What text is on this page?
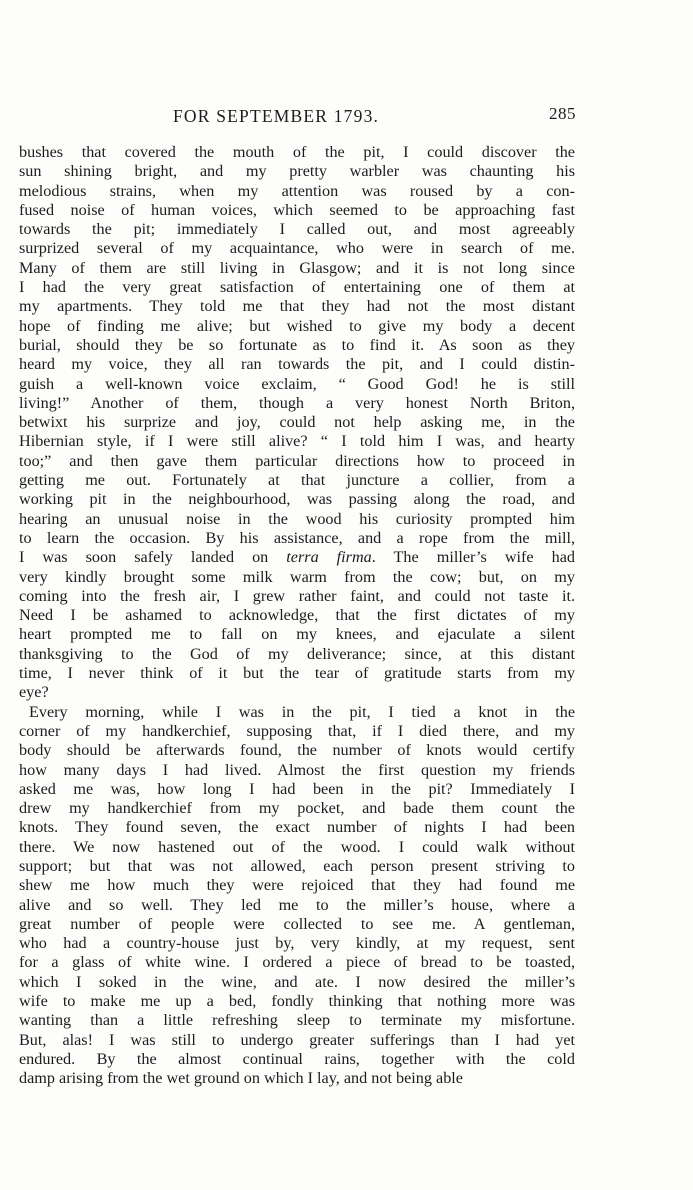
FOR SEPTEMBER 1793.	285
bushes that covered the mouth of the pit, I could discover the
sun shining bright, and my pretty warbler was chaunting his
melodious strains, when my attention was roused by a con-
fused noise of human voices, which seemed to be approaching fast
towards the pit; immediately I called out, and most agreeably
surprized several of my acquaintance, who were in search of me.
Many of them are still living in Glasgow; and it is not long since
I had the very great satisfaction of entertaining one of them at
my apartments. They told me that they had not the most distant
hope of finding me alive; but wished to give my body a decent
burial, should they be so fortunate as to find it. As soon as they
heard my voice, they all ran towards the pit, and I could distin-
guish a well-known voice exclaim, “ Good God! he is still
living!” Another of them, though a very honest North Briton,
betwixt his surprize and joy, could not help asking me, in the
Hibernian style, if I were still alive? “ I told him I was, and hearty
too;” and then gave them particular directions how to proceed in
getting me out. Fortunately at that juncture a collier, from a
working pit in the neighbourhood, was passing along the road, and
hearing an unusual noise in the wood his curiosity prompted him
to learn the occasion. By his assistance, and a rope from the mill,
I was soon safely landed on terra firma. The miller’s wife had
very kindly brought some milk warm from the cow; but, on my
coming into the fresh air, I grew rather faint, and could not taste it.
Need I be ashamed to acknowledge, that the first dictates of my
heart prompted me to fall on my knees, and ejaculate a silent
thanksgiving to the God of my deliverance; since, at this distant
time, I never think of it but the tear of gratitude starts from my
eye?
Every morning, while I was in the pit, I tied a knot in the
corner of my handkerchief, supposing that, if I died there, and my
body should be afterwards found, the number of knots would certify
how many days I had lived. Almost the first question my friends
asked me was, how long I had been in the pit? Immediately I
drew my handkerchief from my pocket, and bade them count the
knots. They found seven, the exact number of nights I had been
there. We now hastened out of the wood. I could walk without
support; but that was not allowed, each person present striving to
shew me how much they were rejoiced that they had found me
alive and so well. They led me to the miller’s house, where a
great number of people were collected to see me. A gentleman,
who had a country-house just by, very kindly, at my request, sent
for a glass of white wine. I ordered a piece of bread to be toasted,
which I soked in the wine, and ate. I now desired the miller’s
wife to make me up a bed, fondly thinking that nothing more was
wanting than a little refreshing sleep to terminate my misfortune.
But, alas! I was still to undergo greater sufferings than I had yet
endured. By the almost continual rains, together with the cold
damp arising from the wet ground on which I lay, and not being able
